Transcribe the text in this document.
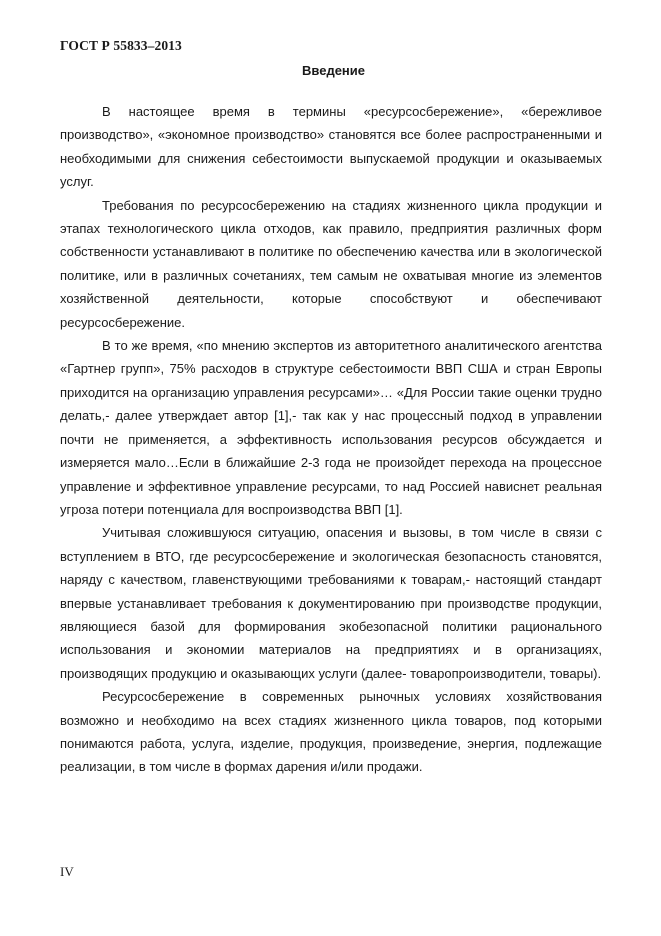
ГОСТ Р 55833–2013
Введение

В настоящее время в термины «ресурсосбережение», «бережливое производство», «экономное производство» становятся все более распространенными и необходимыми для снижения себестоимости выпускаемой продукции и оказываемых услуг.

Требования по ресурсосбережению на стадиях жизненного цикла продукции и этапах технологического цикла отходов, как правило, предприятия различных форм собственности устанавливают в политике по обеспечению качества или в экологической политике, или в различных сочетаниях, тем самым не охватывая многие из элементов хозяйственной деятельности, которые способствуют и обеспечивают ресурсосбережение.

В то же время, «по мнению экспертов из авторитетного аналитического агентства «Гартнер групп», 75% расходов в структуре себестоимости ВВП США и стран Европы приходится на организацию управления ресурсами»… «Для России такие оценки трудно делать,- далее утверждает автор [1],- так как у нас процессный подход в управлении почти не применяется, а эффективность использования ресурсов обсуждается и измеряется мало…Если в ближайшие 2-3 года не произойдет перехода на процессное управление и эффективное управление ресурсами, то над Россией нависнет реальная угроза потери потенциала для воспроизводства ВВП [1].

Учитывая сложившуюся ситуацию, опасения и вызовы, в том числе в связи с вступлением в ВТО, где ресурсосбережение и экологическая безопасность становятся, наряду с качеством, главенствующими требованиями к товарам,- настоящий стандарт впервые устанавливает требования к документированию при производстве продукции, являющиеся базой для формирования экобезопасной политики рационального использования и экономии материалов на предприятиях и в организациях, производящих продукцию и оказывающих услуги (далее- товаропроизводители, товары).

Ресурсосбережение в современных рыночных условиях хозяйствования возможно и необходимо на всех стадиях жизненного цикла товаров, под которыми понимаются работа, услуга, изделие, продукция, произведение, энергия, подлежащие реализации, в том числе в формах дарения и/или продажи.

IV
